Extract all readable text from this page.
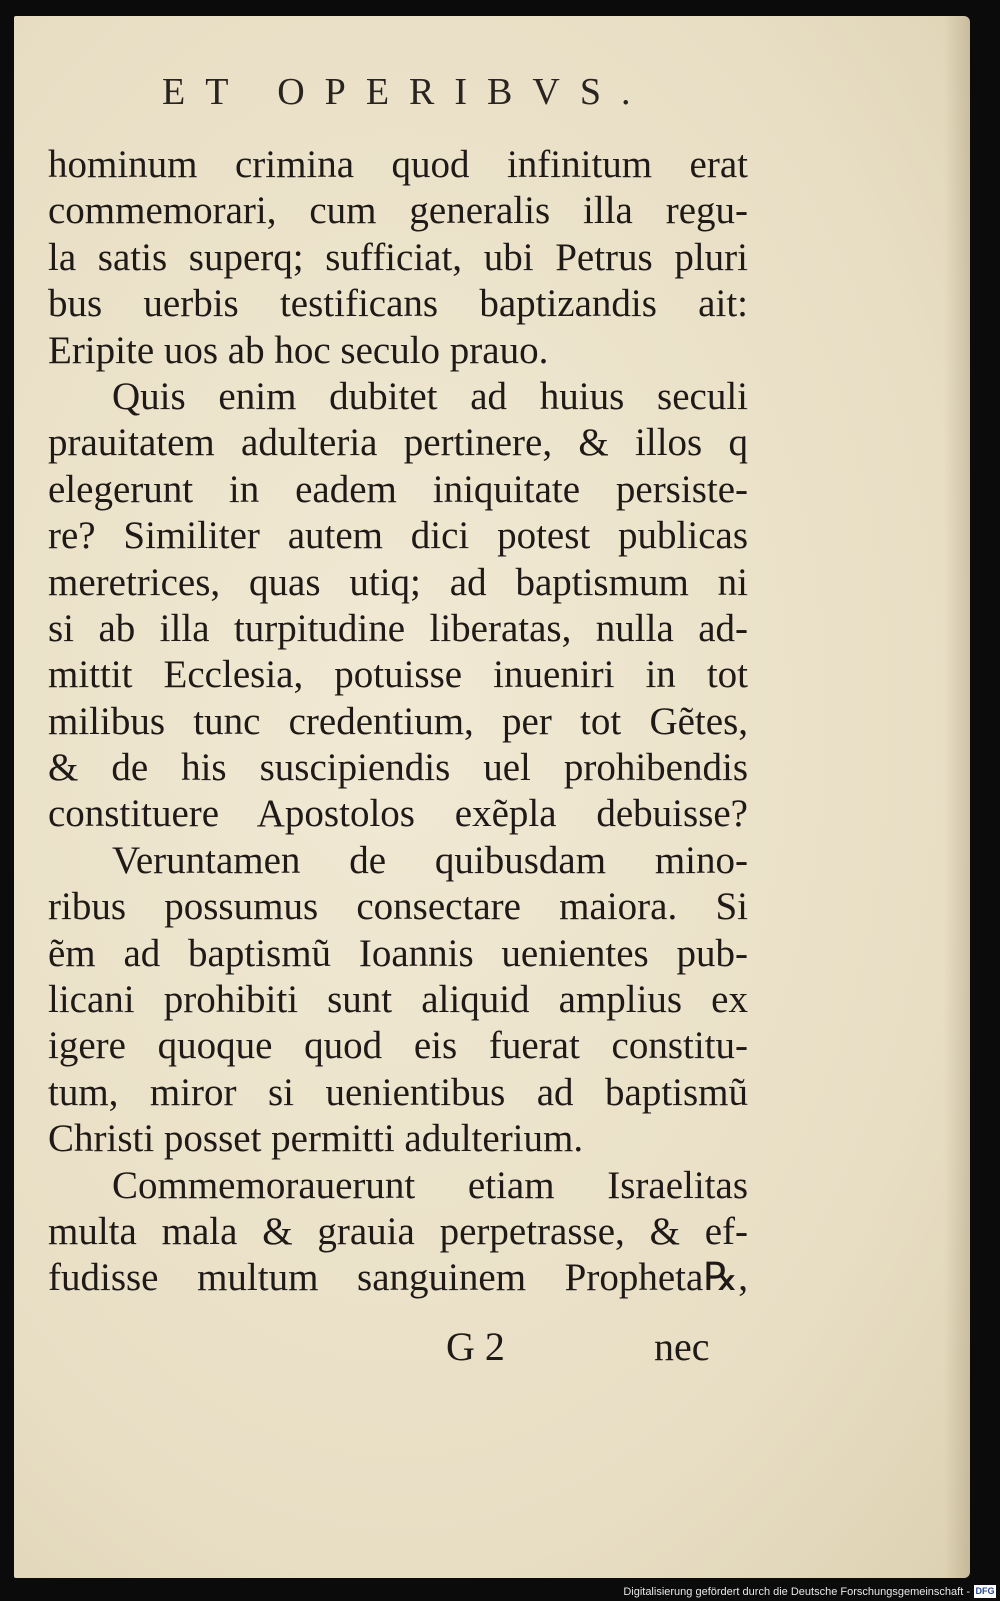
ET OPERIBVS.
hominum crimina quod infinitum erat
commemorari, cum generalis illa regu-
la satis superq; sufficiat, ubi Petrus pluri
bus uerbis testificans baptizandis ait:
Eripite uos ab hoc seculo prauo.
Quis enim dubitet ad huius seculi
prauitatem adulteria pertinere, & illos q
elegerunt in eadem iniquitate persiste-
re? Similiter autem dici potest publicas
meretrices, quas utiq; ad baptismum ni
si ab illa turpitudine liberatas, nulla ad-
mittit Ecclesia, potuisse inueniri in tot
milibus tunc credentium, per tot Gẽtes,
& de his suscipiendis uel prohibendis
constituere Apostolos exẽpla debuisse?
Veruntamen de quibusdam mino-
ribus possumus consectare maiora. Si
ẽm ad baptismũ Ioannis uenientes pub-
licani prohibiti sunt aliquid amplius ex
igere quoque quod eis fuerat constitu-
tum, miror si uenientibus ad baptismũ
Christi posset permitti adulterium.
Commemorauerunt etiam Israelitas
multa mala & grauia perpetrasse, & ef-
fudisse multum sanguinem Propheta℞,
G 2	nec
Digitalisierung gefördert durch die Deutsche Forschungsgemeinschaft - DFG
